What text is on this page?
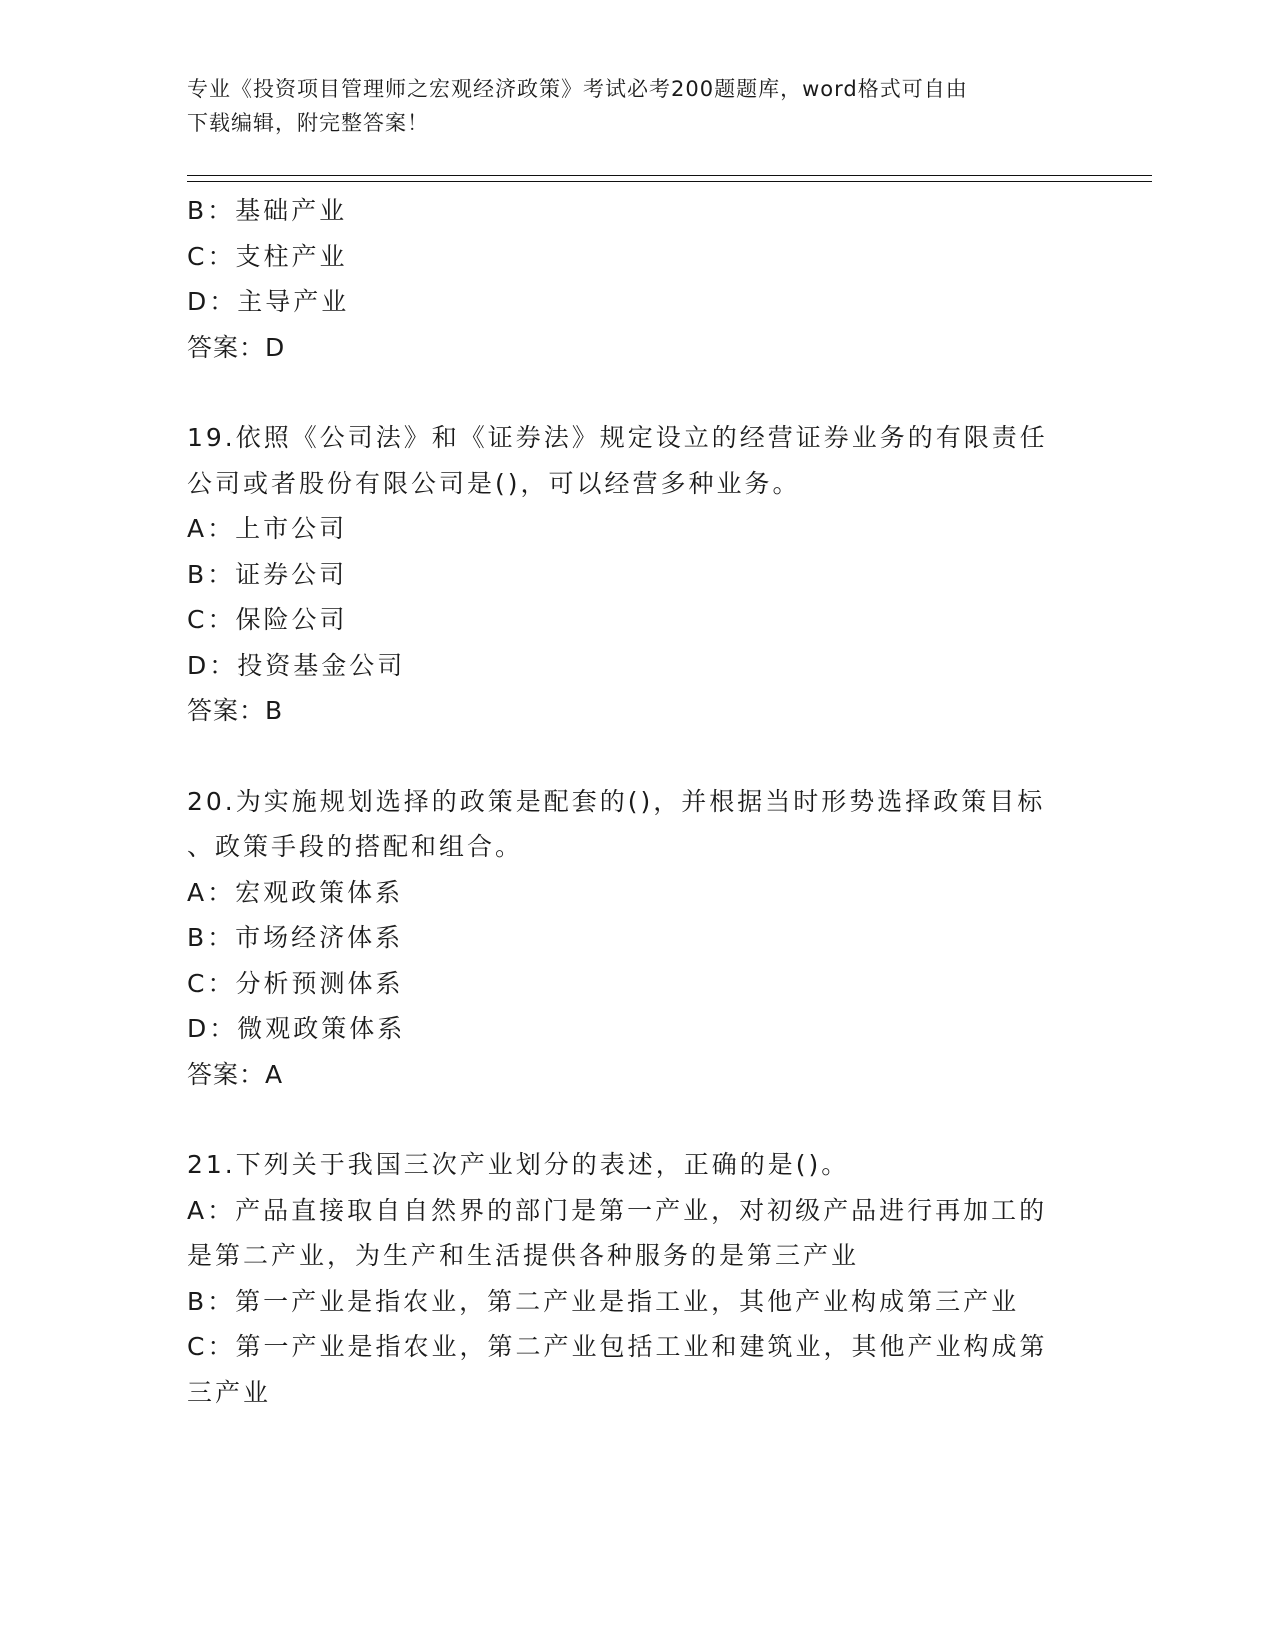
专业《投资项目管理师之宏观经济政策》考试必考200题题库，word格式可自由
下载编辑，附完整答案！
B：基础产业
C：支柱产业
D：主导产业
答案：D
19.依照《公司法》和《证券法》规定设立的经营证券业务的有限责任
公司或者股份有限公司是()，可以经营多种业务。
A：上市公司
B：证券公司
C：保险公司
D：投资基金公司
答案：B
20.为实施规划选择的政策是配套的()，并根据当时形势选择政策目标
、政策手段的搭配和组合。
A：宏观政策体系
B：市场经济体系
C：分析预测体系
D：微观政策体系
答案：A
21.下列关于我国三次产业划分的表述，正确的是()。
A：产品直接取自自然界的部门是第一产业，对初级产品进行再加工的
是第二产业，为生产和生活提供各种服务的是第三产业
B：第一产业是指农业，第二产业是指工业，其他产业构成第三产业
C：第一产业是指农业，第二产业包括工业和建筑业，其他产业构成第
三产业
